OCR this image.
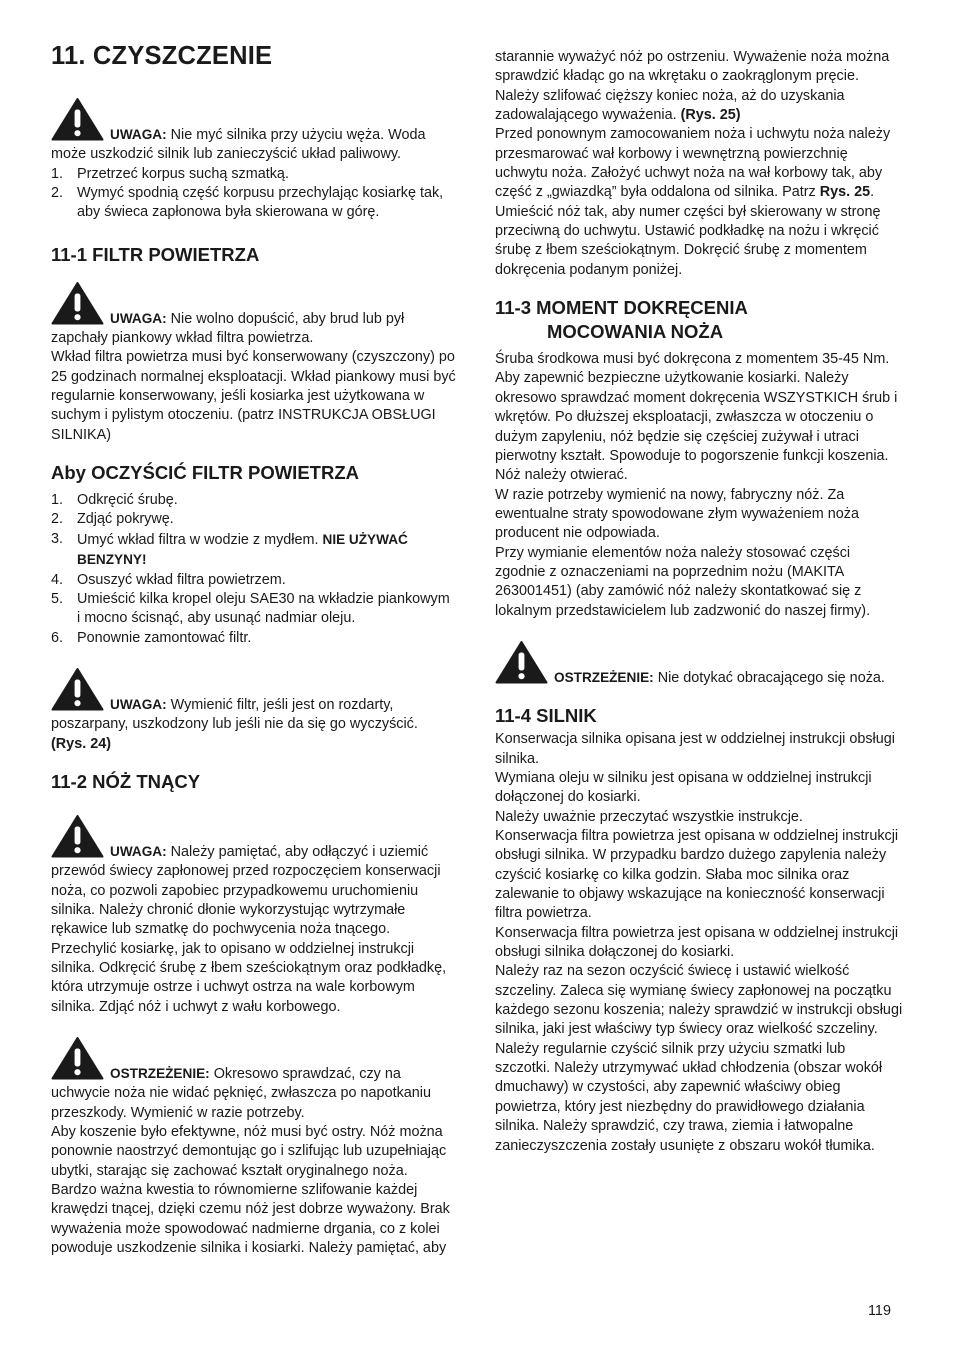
11. CZYSZCZENIE

UWAGA: Nie myć silnika przy użyciu węża. Woda może uszkodzić silnik lub zanieczyścić układ paliwowy.

1. Przetrzeć korpus suchą szmatką.
2. Wymyć spodnią część korpusu przechylając kosiarkę tak, aby świeca zapłonowa była skierowana w górę.
11-1 FILTR POWIETRZA

UWAGA: Nie wolno dopuścić, aby brud lub pył zapchały piankowy wkład filtra powietrza.

Wkład filtra powietrza musi być konserwowany (czyszczony) po 25 godzinach normalnej eksploatacji. Wkład piankowy musi być regularnie konserwowany, jeśli kosiarka jest użytkowana w suchym i pylistym otoczeniu. (patrz INSTRUKCJA OBSŁUGI SILNIKA)

Aby OCZYŚCIĆ FILTR POWIETRZA
1. Odkręcić śrubę.
2. Zdjąć pokrywę.
3. Umyć wkład filtra w wodzie z mydłem. NIE UŻYWAĆ BENZYNY!
4. Osuszyć wkład filtra powietrzem.
5. Umieścić kilka kropel oleju SAE30 na wkładzie piankowym i mocno ścisnąć, aby usunąć nadmiar oleju.
6. Ponownie zamontować filtr.

UWAGA: Wymienić filtr, jeśli jest on rozdarty, poszarpany, uszkodzony lub jeśli nie da się go wyczyścić. (Rys. 24)

11-2 NÓŻ TNĄCY

UWAGA: Należy pamiętać, aby odłączyć i uziemić przewód świecy zapłonowej przed rozpoczęciem konserwacji noża, co pozwoli zapobiec przypadkowemu uruchomieniu silnika. Należy chronić dłonie wykorzystując wytrzymałe rękawice lub szmatkę do pochwycenia noża tnącego.

Przechylić kosiarkę, jak to opisano w oddzielnej instrukcji silnika. Odkręcić śrubę z łbem sześciokątnym oraz podkładkę, która utrzymuje ostrze i uchwyt ostrza na wale korbowym silnika. Zdjąć nóż i uchwyt z wału korbowego.

OSTRZEŻENIE: Okresowo sprawdzać, czy na uchwycie noża nie widać pęknięć, zwłaszcza po napotkaniu przeszkody. Wymienić w razie potrzeby.

Aby koszenie było efektywne, nóż musi być ostry. Nóż można ponownie naostrzyć demontując go i szlifując lub uzupełniając ubytki, starając się zachować kształt oryginalnego noża. Bardzo ważna kwestia to równomierne szlifowanie każdej krawędzi tnącej, dzięki czemu nóż jest dobrze wyważony. Brak wyważenia może spowodować nadmierne drgania, co z kolei powoduje uszkodzenie silnika i kosiarki. Należy pamiętać, aby

starannie wyważyć nóż po ostrzeniu. Wyważenie noża można sprawdzić kładąc go na wkrętaku o zaokrąglonym pręcie. Należy szlifować cięższy koniec noża, aż do uzyskania zadowalającego wyważenia. (Rys. 25)

Przed ponownym zamocowaniem noża i uchwytu noża należy przesmarować wał korbowy i wewnętrzną powierzchnię uchwytu noża. Założyć uchwyt noża na wał korbowy tak, aby część z „gwiazdką” była oddalona od silnika. Patrz Rys. 25. Umieścić nóż tak, aby numer części był skierowany w stronę przeciwną do uchwytu. Ustawić podkładkę na nożu i wkręcić śrubę z łbem sześciokątnym. Dokręcić śrubę z momentem dokręcenia podanym poniżej.

11-3 MOMENT DOKRĘCENIA
MOCOWANIA NOŻA

Śruba środkowa musi być dokręcona z momentem 35-45 Nm. Aby zapewnić bezpieczne użytkowanie kosiarki. Należy okresowo sprawdzać moment dokręcenia WSZYSTKICH śrub i wkrętów. Po dłuższej eksploatacji, zwłaszcza w otoczeniu o dużym zapyleniu, nóż będzie się częściej zużywał i utraci pierwotny kształt. Spowoduje to pogorszenie funkcji koszenia. Nóż należy otwierać.

W razie potrzeby wymienić na nowy, fabryczny nóż. Za ewentualne straty spowodowane złym wyważeniem noża producent nie odpowiada.

Przy wymianie elementów noża należy stosować części zgodnie z oznaczeniami na poprzednim nożu (MAKITA 263001451) (aby zamówić nóż należy skontatkować się z lokalnym przedstawicielem lub zadzwonić do naszej firmy).

OSTRZEŻENIE: Nie dotykać obracającego się noża.

11-4 SILNIK

Konserwacja silnika opisana jest w oddzielnej instrukcji obsługi silnika.

Wymiana oleju w silniku jest opisana w oddzielnej instrukcji dołączonej do kosiarki.

Należy uważnie przeczytać wszystkie instrukcje.

Konserwacja filtra powietrza jest opisana w oddzielnej instrukcji obsługi silnika. W przypadku bardzo dużego zapylenia należy czyścić kosiarkę co kilka godzin. Słaba moc silnika oraz zalewanie to objawy wskazujące na konieczność konserwacji filtra powietrza.

Konserwacja filtra powietrza jest opisana w oddzielnej instrukcji obsługi silnika dołączonej do kosiarki.

Należy raz na sezon oczyścić świecę i ustawić wielkość szczeliny. Zaleca się wymianę świecy zapłonowej na początku każdego sezonu koszenia; należy sprawdzić w instrukcji obsługi silnika, jaki jest właściwy typ świecy oraz wielkość szczeliny.

Należy regularnie czyścić silnik przy użyciu szmatki lub szczotki. Należy utrzymywać układ chłodzenia (obszar wokół dmuchawy) w czystości, aby zapewnić właściwy obieg powietrza, który jest niezbędny do prawidłowego działania silnika. Należy sprawdzić, czy trawa, ziemia i łatwopalne zanieczyszczenia zostały usunięte z obszaru wokół tłumika.

119
